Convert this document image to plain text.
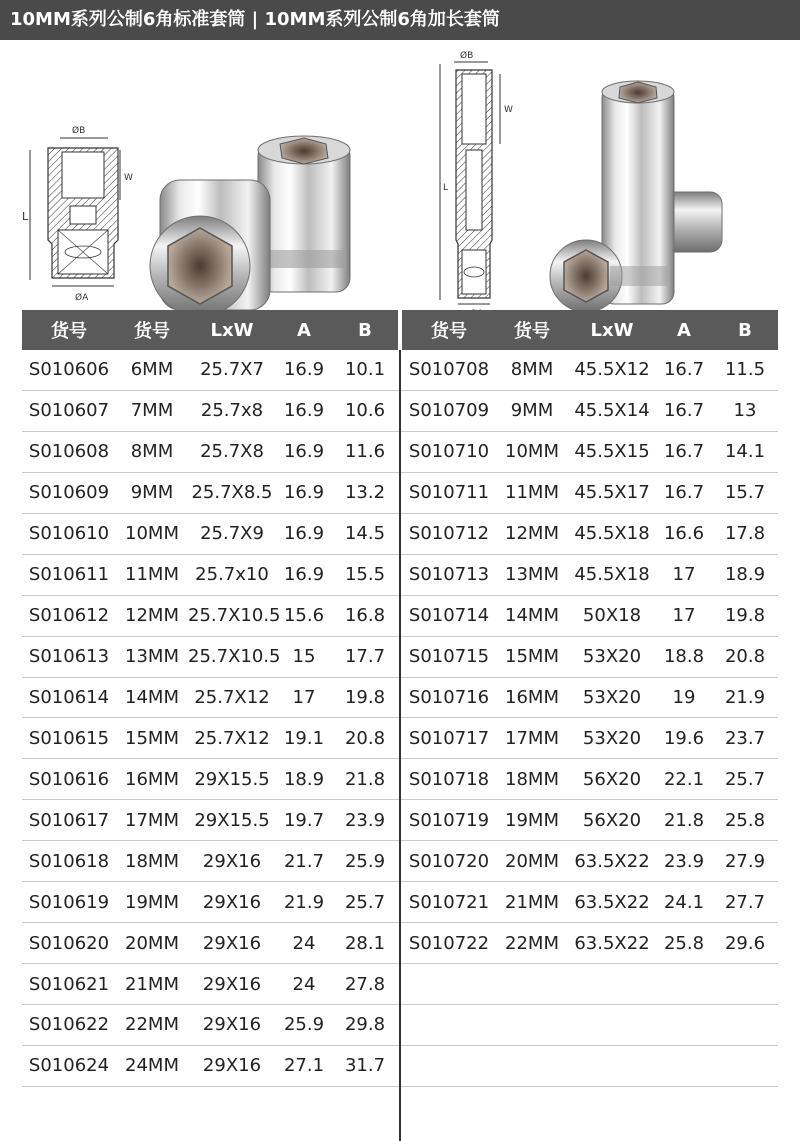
10MM系列公制6角标准套筒 | 10MM系列公制6角加长套筒
L
ØB
W
ØA
L
ØB
W
货号	货号	LxW	A	B	货号	货号	LxW	A	B
S010606	6MM	25.7X7	16.9	10.1	S010708	8MM	45.5X12 16.7	11.5
S010607	7MM	25.7x8	16.9	10.6	S010709	9MM	45.5X14 16.7	13
S010608	8MM	25.7X8	16.9	11.6	S010710 10MM 45.5X15 16.7	14.1
S010609	9MM	25.7X8.5 16.9	13.2	S010711 11MM 45.5X17 16.7	15.7
S010610 10MM	25.7X9	16.9	14.5	S010712 12MM 45.5X18 16.6	17.8
S010611 11MM 25.7x10 16.9	15.5	S010713 13MM 45.5X18	17	18.9
S010612 12MM 25.7X10.5 15.6	16.8	S010714 14MM	50X18	17	19.8
S010613 13MM 25.7X10.5 15	17.7	S010715 15MM	53X20	18.8	20.8
S010614 14MM 25.7X12	17	19.8	S010716 16MM	53X20	19	21.9
S010615 15MM 25.7X12 19.1	20.8	S010717 17MM	53X20	19.6	23.7
S010616 16MM 29X15.5 18.9	21.8	S010718 18MM	56X20	22.1	25.7
S010617 17MM 29X15.5 19.7	23.9	S010719 19MM	56X20	21.8	25.8
S010618 18MM	29X16	21.7	25.9	S010720 20MM 63.5X22 23.9	27.9
S010619 19MM	29X16	21.9	25.7	S010721 21MM 63.5X22 24.1	27.7
S010620 20MM	29X16	24	28.1	S010722 22MM 63.5X22 25.8	29.6
S010621 21MM	29X16	24	27.8
S010622 22MM	29X16	25.9	29.8
S010624 24MM	29X16	27.1	31.7
